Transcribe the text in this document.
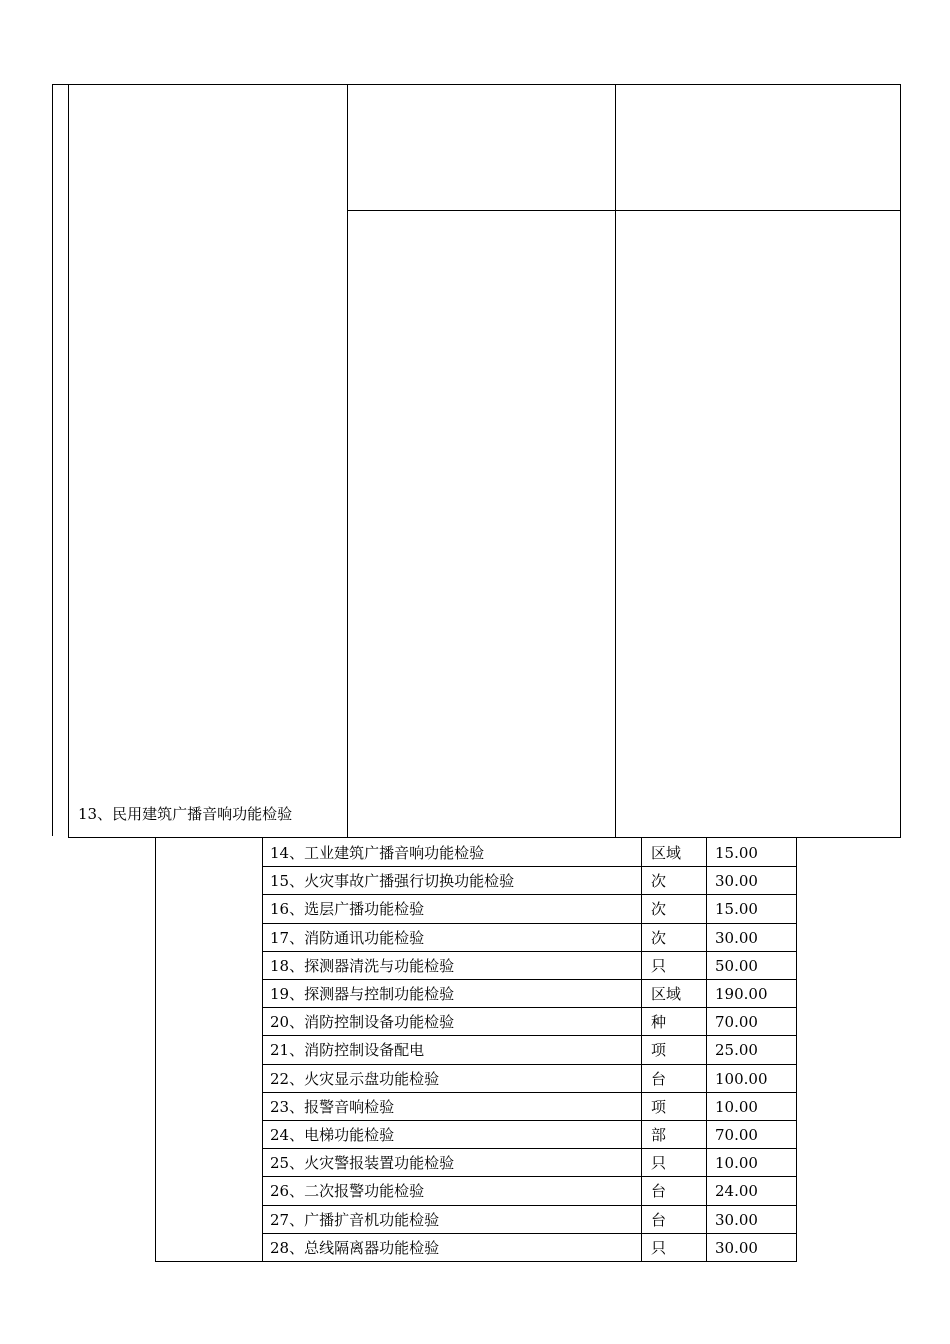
13、民用建筑广播音响功能检验
14、工业建筑广播音响功能检验	区域 15.00
15、火灾事故广播强行切换功能检验	次	30.00
16、选层广播功能检验	次	15.00
17、消防通讯功能检验	次	30.00
18、探测器清洗与功能检验	只	50.00
19、探测器与控制功能检验	区域 190.00
20、消防控制设备功能检验	种	70.00
21、消防控制设备配电	项	25.00
22、火灾显示盘功能检验	台	100.00
23、报警音响检验	项	10.00
24、电梯功能检验	部	70.00
25、火灾警报装置功能检验	只	10.00
26、二次报警功能检验	台	24.00
27、广播扩音机功能检验	台	30.00
28、总线隔离器功能检验	只	30.00
